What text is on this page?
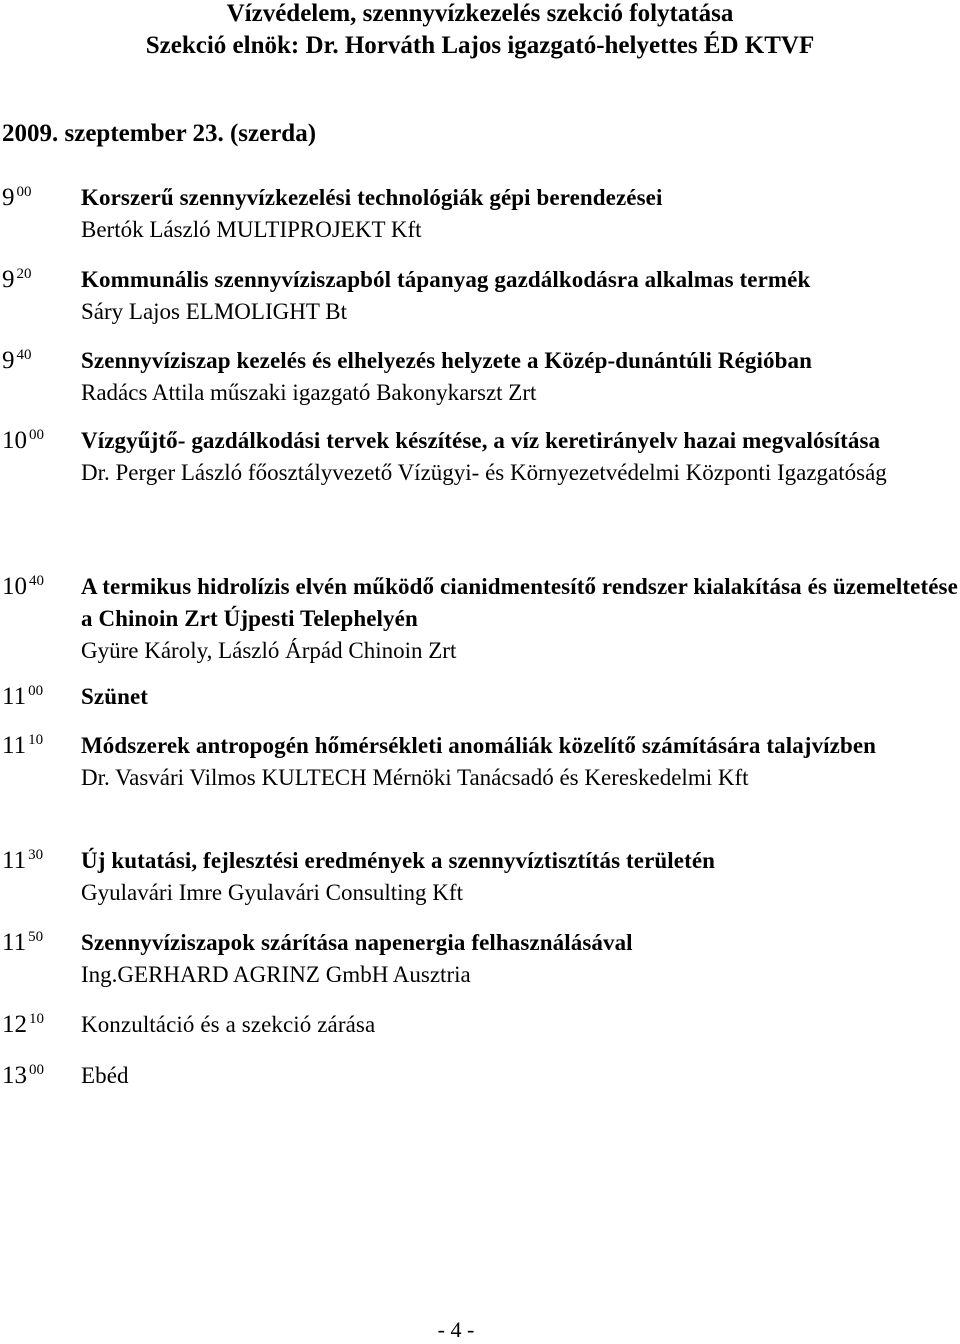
Vízvédelem, szennyvízkezelés szekció folytatása
Szekció elnök: Dr. Horváth Lajos igazgató-helyettes ÉD KTVF
2009. szeptember 23. (szerda)
9 $^{00}$ Korszerű szennyvízkezelési technológiák gépi berendezései
Bertók László MULTIPROJEKT Kft
9 $^{20}$ Kommunális szennyvíziszapból tápanyag gazdálkodásra alkalmas termék
Sáry Lajos ELMOLIGHT Bt
9 $^{40}$ Szennyvíziszap kezelés és elhelyezés helyzete a Közép-dunántúli Régióban
Radács Attila műszaki igazgató Bakonykarszt Zrt
10 $^{00}$ Vízgyűjtő- gazdálkodási tervek készítése, a víz keretirányelv hazai megvalósítása
Dr. Perger László főosztályvezető Vízügyi- és Környezetvédelmi Központi Igazgatóság
10 $^{40}$ A termikus hidrolízis elvén működő cianidmentesítő rendszer kialakítása és üzemeltetése a Chinoin Zrt Újpesti Telephelyén
Gyüre Károly, László Árpád Chinoin Zrt
11 $^{00}$ Szünet
11 $^{10}$ Módszerek antropogén hőmérsékleti anomáliák közelítő számítására talajvízben
Dr. Vasvári Vilmos KULTECH Mérnöki Tanácsadó és Kereskedelmi Kft
11 $^{30}$ Új kutatási, fejlesztési eredmények a szennyvíztisztítás területén
Gyulavári Imre Gyulavári Consulting Kft
11 $^{50}$ Szennyvíziszapok szárítása napenergia felhasználásával
Ing.GERHARD AGRINZ GmbH Ausztria
12 $^{10}$ Konzultáció és a szekció zárása
13 $^{00}$ Ebéd
- 4 -
